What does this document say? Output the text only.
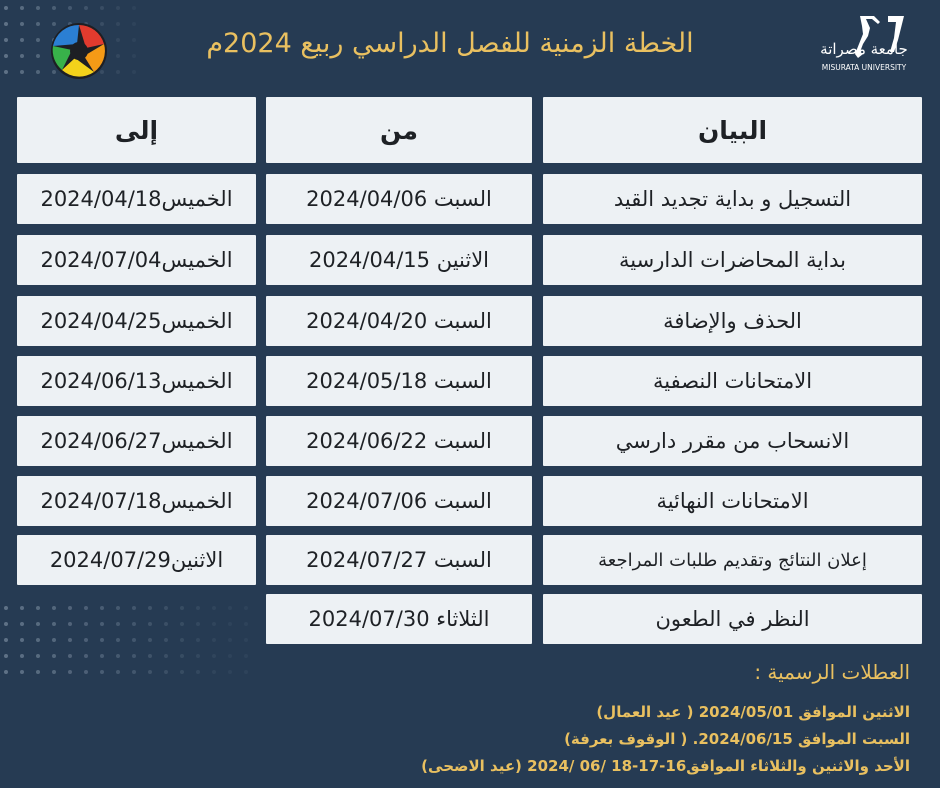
جامعة مصراتة
MISURATA UNIVERSITY
الخطة الزمنية للفصل الدراسي ربيع 2024م
البيان
من
إلى
التسجيل و بداية تجديد القيد
السبت

2024/04/06
الخميس
2024/04/18
بداية المحاضرات الدارسية
الاثنين

2024/04/15
الخميس
2024/07/04
الحذف والإضافة
السبت

2024/04/20
الخميس
2024/04/25
الامتحانات النصفية
السبت

2024/05/18
الخميس
2024/06/13
الانسحاب من مقرر دارسي
السبت

2024/06/22
الخميس
2024/06/27
الامتحانات النهائية
السبت

2024/07/06
الخميس
2024/07/18
إعلان النتائج وتقديم طلبات المراجعة
السبت

2024/07/27
الاثنين
2024/07/29
النظر في الطعون
الثلاثاء

2024/07/30
العطلات الرسمية :
الاثنين الموافق 2024/05/01 ( عيد العمال)
السبت الموافق 2024/06/15. ( الوقوف بعرفة)
الأحد والاثنين والثلاثاء الموافق16-17-18 /06 /2024 (عيد الاضحى)
